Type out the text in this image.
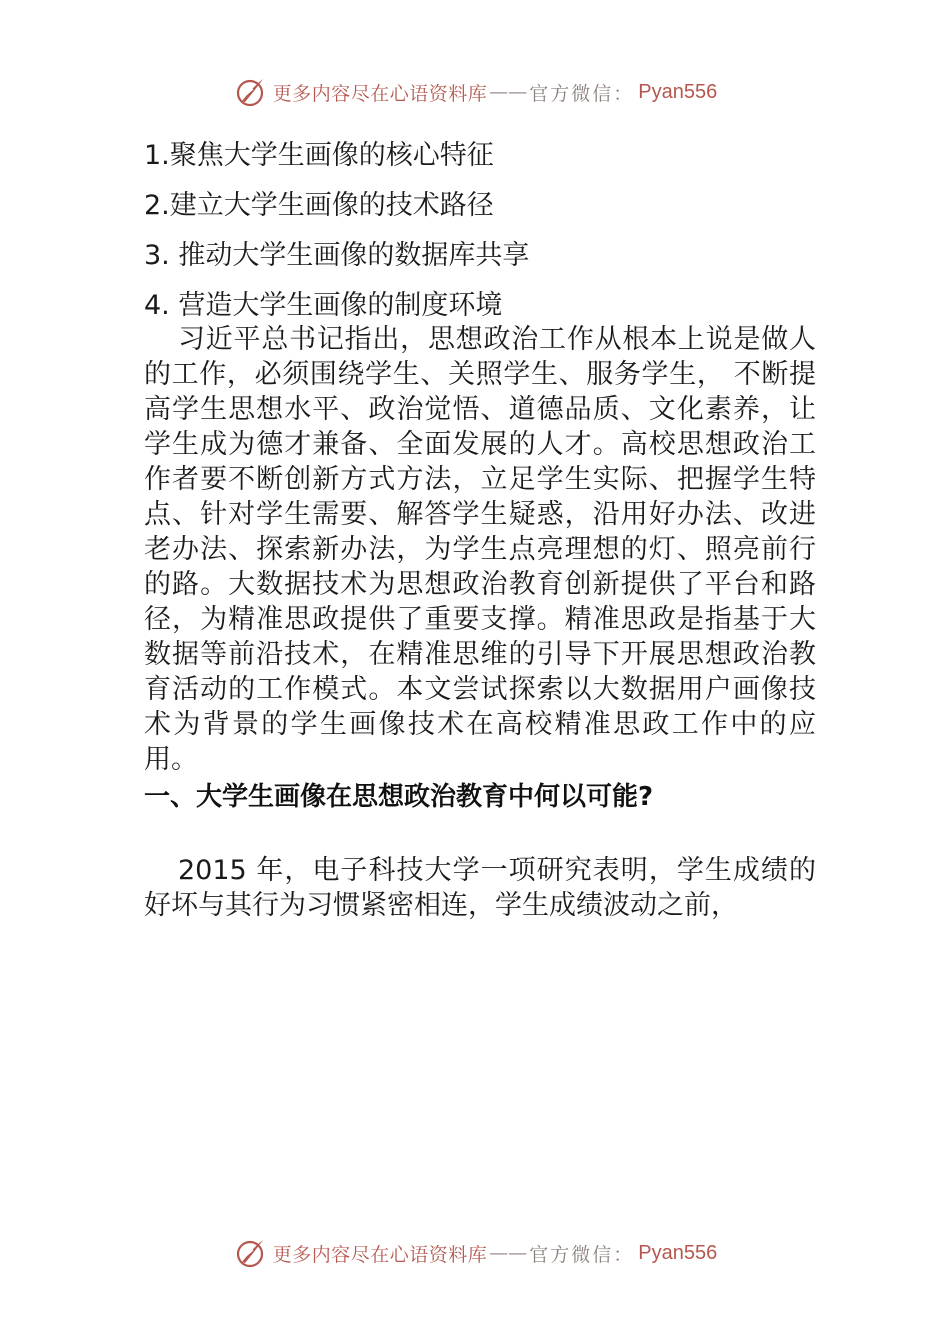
更多内容尽在心语资料库 —— 官方微信： Pyan556
1.聚焦大学生画像的核心特征
2.建立大学生画像的技术路径
3. 推动大学生画像的数据库共享
4. 营造大学生画像的制度环境

习近平总书记指出，思想政治工作从根本上说是做人的工作，必须围绕学生、关照学生、服务学生， 不断提高学生思想水平、政治觉悟、道德品质、文化素养，让学生成为德才兼备、全面发展的人才。高校思想政治工作者要不断创新方式方法，立足学生实际、把握学生特点、针对学生需要、解答学生疑惑，沿用好办法、改进老办法、探索新办法，为学生点亮理想的灯、照亮前行的路。大数据技术为思想政治教育创新提供了平台和路径，为精准思政提供了重要支撑。精准思政是指基于大数据等前沿技术，在精准思维的引导下开展思想政治教育活动的工作模式。本文尝试探索以大数据用户画像技术为背景的学生画像技术在高校精准思政工作中的应用。

一、大学生画像在思想政治教育中何以可能?

2015 年，电子科技大学一项研究表明，学生成绩的好坏与其行为习惯紧密相连，学生成绩波动之前，

更多内容尽在心语资料库 —— 官方微信： Pyan556
